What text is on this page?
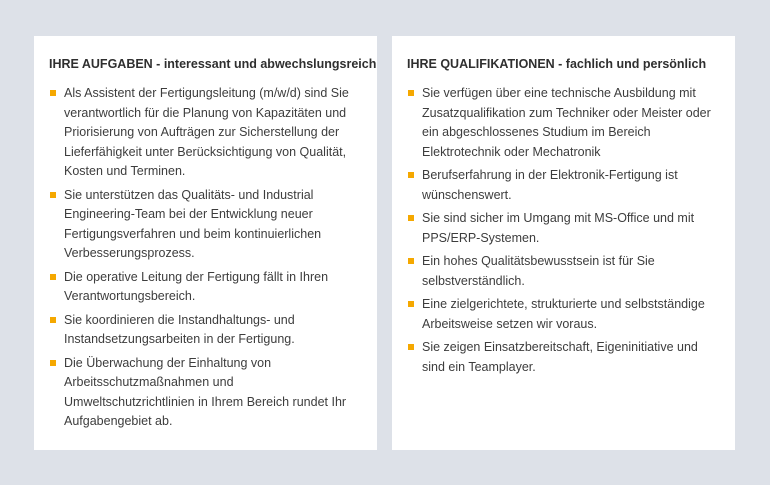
IHRE AUFGABEN - interessant und abwechslungsreich
Als Assistent der Fertigungsleitung (m/w/d) sind Sie verantwortlich für die Planung von Kapazitäten und Priorisierung von Aufträgen zur Sicherstellung der Lieferfähigkeit unter Berücksichtigung von Qualität, Kosten und Terminen.
Sie unterstützen das Qualitäts- und Industrial Engineering-Team bei der Entwicklung neuer Fertigungsverfahren und beim kontinuierlichen Verbesserungsprozess.
Die operative Leitung der Fertigung fällt in Ihren Verantwortungsbereich.
Sie koordinieren die Instandhaltungs- und Instandsetzungsarbeiten in der Fertigung.
Die Überwachung der Einhaltung von Arbeitsschutzmaßnahmen und Umweltschutzrichtlinien in Ihrem Bereich rundet Ihr Aufgabengebiet ab.
IHRE QUALIFIKATIONEN - fachlich und persönlich
Sie verfügen über eine technische Ausbildung mit Zusatzqualifikation zum Techniker oder Meister oder ein abgeschlossenes Studium im Bereich Elektrotechnik oder Mechatronik
Berufserfahrung in der Elektronik-Fertigung ist wünschenswert.
Sie sind sicher im Umgang mit MS-Office und mit PPS/ERP-Systemen.
Ein hohes Qualitätsbewusstsein ist für Sie selbstverständlich.
Eine zielgerichtete, strukturierte und selbstständige Arbeitsweise setzen wir voraus.
Sie zeigen Einsatzbereitschaft, Eigeninitiative und sind ein Teamplayer.
